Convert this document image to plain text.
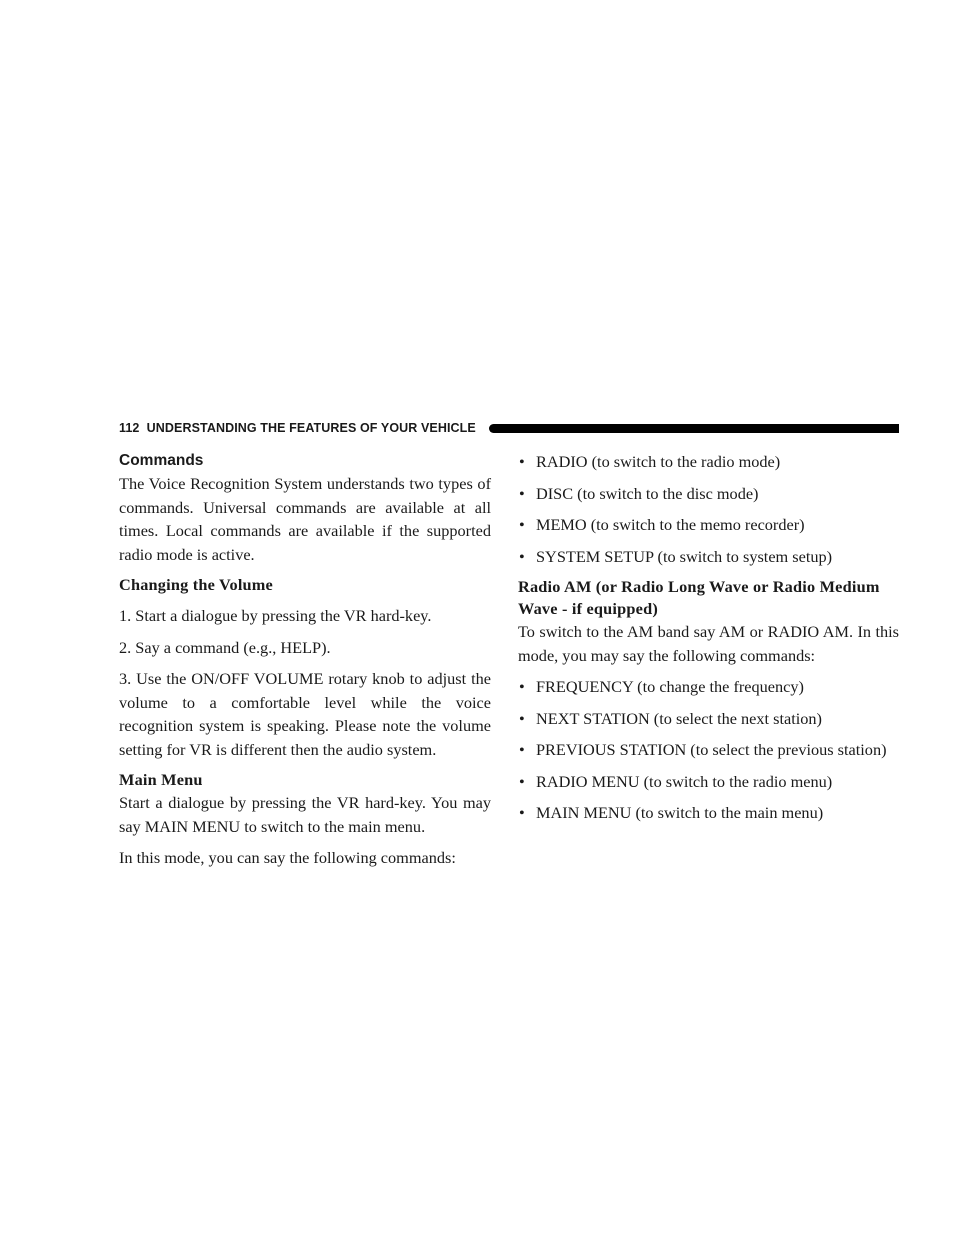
112 UNDERSTANDING THE FEATURES OF YOUR VEHICLE
Commands

The Voice Recognition System understands two types of commands. Universal commands are available at all times. Local commands are available if the supported radio mode is active.

Changing the Volume

1. Start a dialogue by pressing the VR hard-key.

2. Say a command (e.g., HELP).

3. Use the ON/OFF VOLUME rotary knob to adjust the volume to a comfortable level while the voice recognition system is speaking. Please note the volume setting for VR is different then the audio system.

Main Menu

Start a dialogue by pressing the VR hard-key. You may say MAIN MENU to switch to the main menu.

In this mode, you can say the following commands:

• RADIO (to switch to the radio mode)
• DISC (to switch to the disc mode)
• MEMO (to switch to the memo recorder)
• SYSTEM SETUP (to switch to system setup)
Radio AM (or Radio Long Wave or Radio Medium Wave - if equipped)

To switch to the AM band say AM or RADIO AM. In this mode, you may say the following commands:

• FREQUENCY (to change the frequency)
• NEXT STATION (to select the next station)
• PREVIOUS STATION (to select the previous station)
• RADIO MENU (to switch to the radio menu)
• MAIN MENU (to switch to the main menu)
